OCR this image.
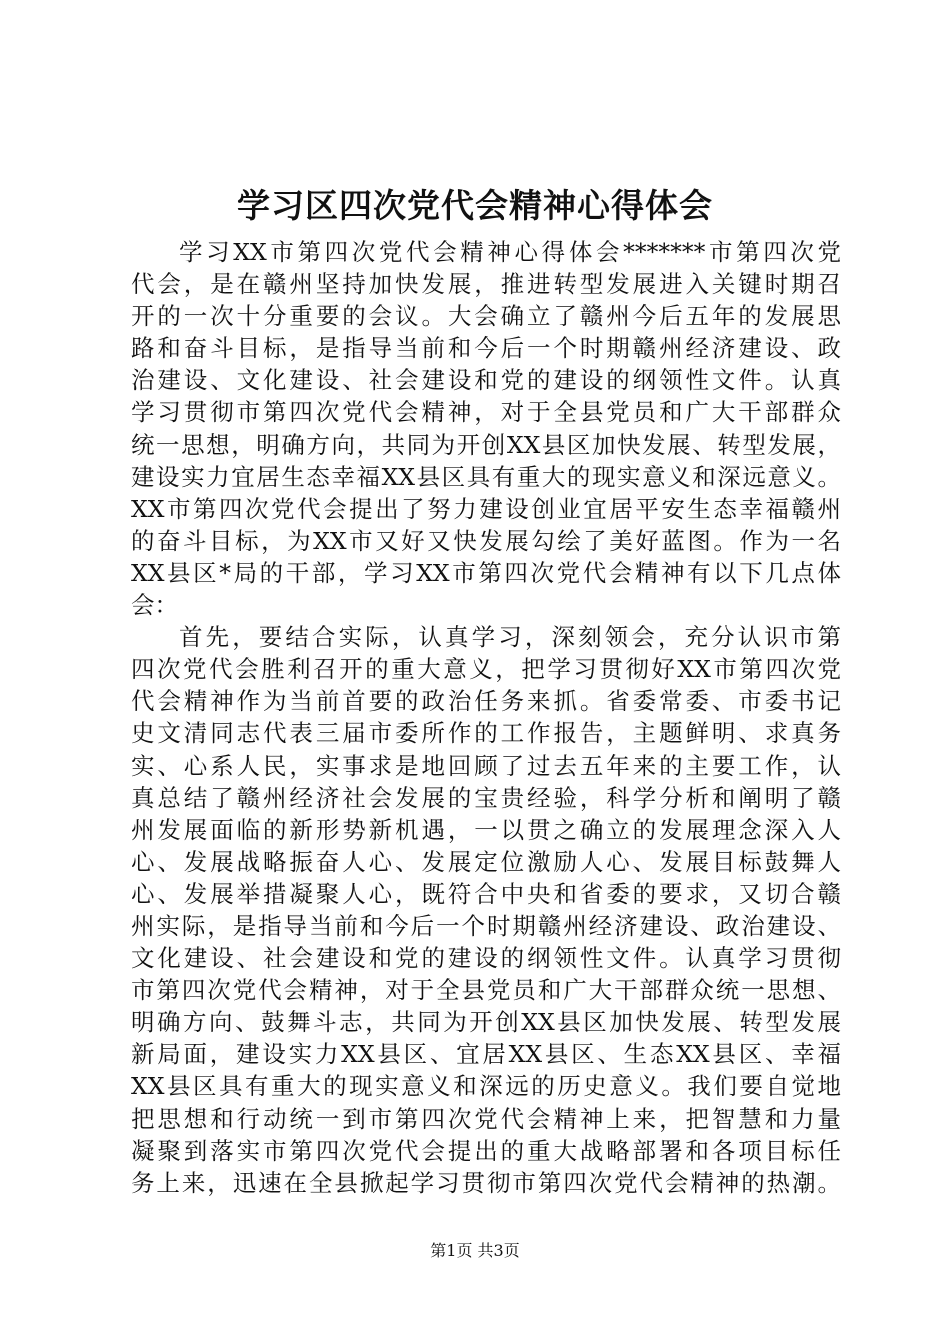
学习区四次党代会精神心得体会
学习XX市第四次党代会精神心得体会*******市第四次党
代会，是在赣州坚持加快发展，推进转型发展进入关键时期召
开的一次十分重要的会议。大会确立了赣州今后五年的发展思
路和奋斗目标，是指导当前和今后一个时期赣州经济建设、政
治建设、文化建设、社会建设和党的建设的纲领性文件。认真
学习贯彻市第四次党代会精神，对于全县党员和广大干部群众
统一思想，明确方向，共同为开创XX县区加快发展、转型发展，
建设实力宜居生态幸福XX县区具有重大的现实意义和深远意义。
XX市第四次党代会提出了努力建设创业宜居平安生态幸福赣州
的奋斗目标，为XX市又好又快发展勾绘了美好蓝图。作为一名
XX县区*局的干部，学习XX市第四次党代会精神有以下几点体
会：
首先，要结合实际，认真学习，深刻领会，充分认识市第
四次党代会胜利召开的重大意义，把学习贯彻好XX市第四次党
代会精神作为当前首要的政治任务来抓。省委常委、市委书记
史文清同志代表三届市委所作的工作报告，主题鲜明、求真务
实、心系人民，实事求是地回顾了过去五年来的主要工作，认
真总结了赣州经济社会发展的宝贵经验，科学分析和阐明了赣
州发展面临的新形势新机遇，一以贯之确立的发展理念深入人
心、发展战略振奋人心、发展定位激励人心、发展目标鼓舞人
心、发展举措凝聚人心，既符合中央和省委的要求，又切合赣
州实际，是指导当前和今后一个时期赣州经济建设、政治建设、
文化建设、社会建设和党的建设的纲领性文件。认真学习贯彻
市第四次党代会精神，对于全县党员和广大干部群众统一思想、
明确方向、鼓舞斗志，共同为开创XX县区加快发展、转型发展
新局面，建设实力XX县区、宜居XX县区、生态XX县区、幸福
XX县区具有重大的现实意义和深远的历史意义。我们要自觉地
把思想和行动统一到市第四次党代会精神上来，把智慧和力量
凝聚到落实市第四次党代会提出的重大战略部署和各项目标任
务上来，迅速在全县掀起学习贯彻市第四次党代会精神的热潮。
第1页 共3页
